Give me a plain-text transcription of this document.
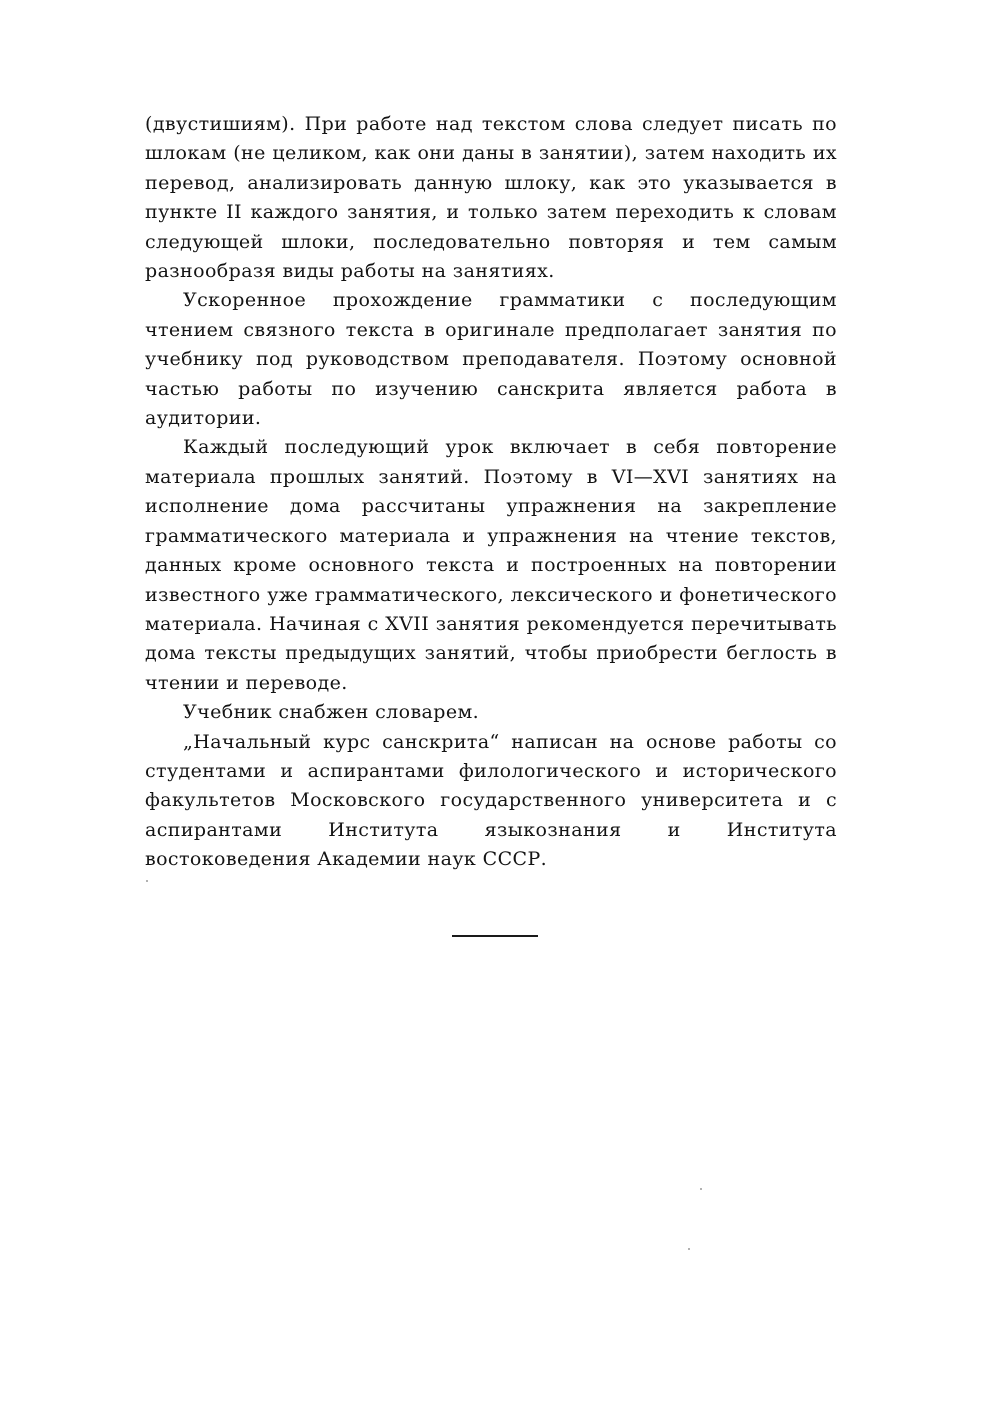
(двустишиям). При работе над текстом слова следует писать по шлокам (не целиком, как они даны в занятии), затем находить их перевод, анализировать данную шлоку, как это указывается в пункте II каждого занятия, и только затем переходить к словам следующей шлоки, последовательно повторяя и тем самым разнообразя виды работы на занятиях.

Ускоренное прохождение грамматики с последующим чтением связного текста в оригинале предполагает занятия по учебнику под руководством преподавателя. Поэтому основной частью работы по изучению санскрита является работа в аудитории.

Каждый последующий урок включает в себя повторение материала прошлых занятий. Поэтому в VI—XVI занятиях на исполнение дома рассчитаны упражнения на закрепление грамматического материала и упражнения на чтение текстов, данных кроме основного текста и построенных на повторении известного уже грамматического, лексического и фонетического материала. Начиная с XVII занятия рекомендуется перечитывать дома тексты предыдущих занятий, чтобы приобрести беглость в чтении и переводе.

Учебник снабжен словарем.

„Начальный курс санскрита“ написан на основе работы со студентами и аспирантами филологического и исторического факультетов Московского государственного университета и с аспирантами Института языкознания и Института востоковедения Академии наук СССР.
